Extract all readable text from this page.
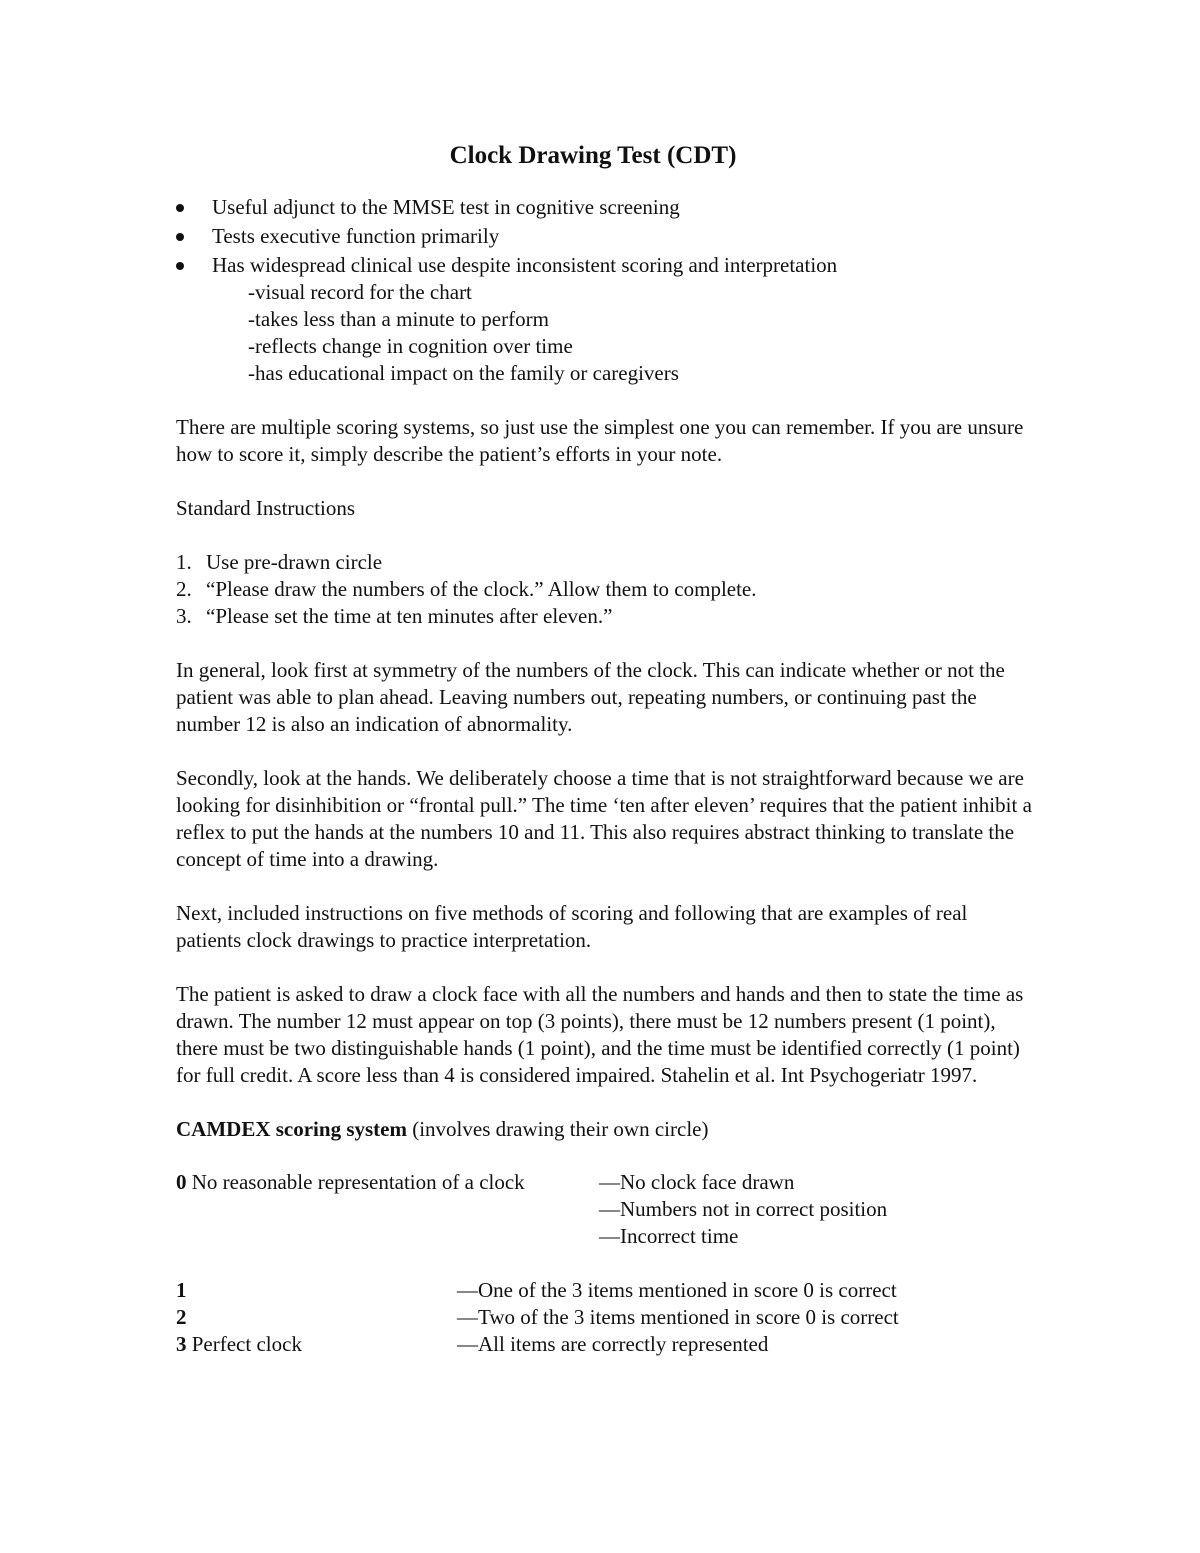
Clock Drawing Test (CDT)
Useful adjunct to the MMSE test in cognitive screening
Tests executive function primarily
Has widespread clinical use despite inconsistent scoring and interpretation
-visual record for the chart
-takes less than a minute to perform
-reflects change in cognition over time
-has educational impact on the family or caregivers

There are multiple scoring systems, so just use the simplest one you can remember. If you are unsure how to score it, simply describe the patient’s efforts in your note.

Standard Instructions

1. Use pre-drawn circle
2. “Please draw the numbers of the clock.” Allow them to complete.
3. “Please set the time at ten minutes after eleven.”

In general, look first at symmetry of the numbers of the clock. This can indicate whether or not the patient was able to plan ahead. Leaving numbers out, repeating numbers, or continuing past the number 12 is also an indication of abnormality.

Secondly, look at the hands. We deliberately choose a time that is not straightforward because we are looking for disinhibition or “frontal pull.” The time ‘ten after eleven’ requires that the patient inhibit a reflex to put the hands at the numbers 10 and 11. This also requires abstract thinking to translate the concept of time into a drawing.

Next, included instructions on five methods of scoring and following that are examples of real patients clock drawings to practice interpretation.

The patient is asked to draw a clock face with all the numbers and hands and then to state the time as drawn. The number 12 must appear on top (3 points), there must be 12 numbers present (1 point), there must be two distinguishable hands (1 point), and the time must be identified correctly (1 point) for full credit. A score less than 4 is considered impaired. Stahelin et al. Int Psychogeriatr 1997.

CAMDEX scoring system (involves drawing their own circle)

0 No reasonable representation of a clock	—No clock face drawn
—Numbers not in correct position
—Incorrect time
1	—One of the 3 items mentioned in score 0 is correct
2	—Two of the 3 items mentioned in score 0 is correct
3 Perfect clock	—All items are correctly represented
